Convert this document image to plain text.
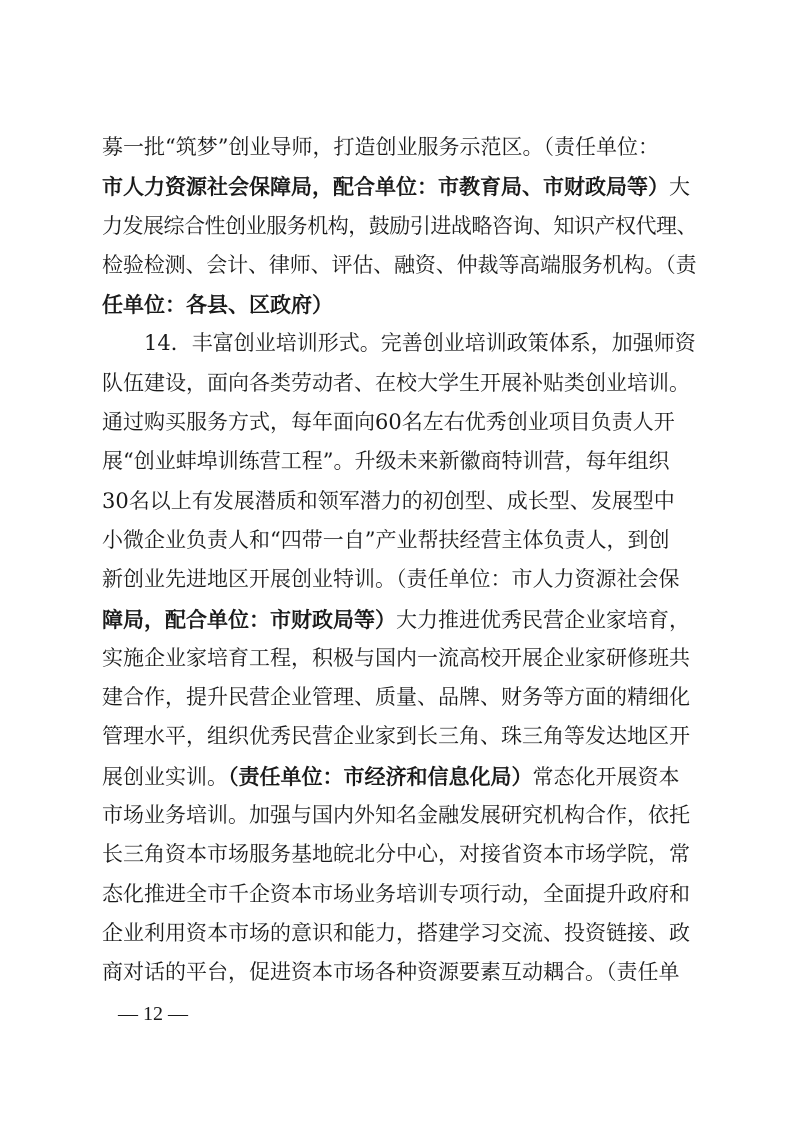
募一批“筑梦”创业导师，打造创业服务示范区。（责任单位：
市人力资源社会保障局，配合单位：市教育局、市财政局等）大
力发展综合性创业服务机构，鼓励引进战略咨询、知识产权代理、
检验检测、会计、律师、评估、融资、仲裁等高端服务机构。（责
任单位：各县、区政府）
　　14．丰富创业培训形式。完善创业培训政策体系，加强师资
队伍建设，面向各类劳动者、在校大学生开展补贴类创业培训。
通过购买服务方式，每年面向60名左右优秀创业项目负责人开
展“创业蚌埠训练营工程”。升级未来新徽商特训营，每年组织
30名以上有发展潜质和领军潜力的初创型、成长型、发展型中
小微企业负责人和“四带一自”产业帮扶经营主体负责人，到创
新创业先进地区开展创业特训。（责任单位：市人力资源社会保
障局，配合单位：市财政局等）大力推进优秀民营企业家培育，
实施企业家培育工程，积极与国内一流高校开展企业家研修班共
建合作，提升民营企业管理、质量、品牌、财务等方面的精细化
管理水平，组织优秀民营企业家到长三角、珠三角等发达地区开
展创业实训。（责任单位：市经济和信息化局）常态化开展资本
市场业务培训。加强与国内外知名金融发展研究机构合作，依托
长三角资本市场服务基地皖北分中心，对接省资本市场学院，常
态化推进全市千企资本市场业务培训专项行动，全面提升政府和
企业利用资本市场的意识和能力，搭建学习交流、投资链接、政
商对话的平台，促进资本市场各种资源要素互动耦合。（责任单
— 12 —
